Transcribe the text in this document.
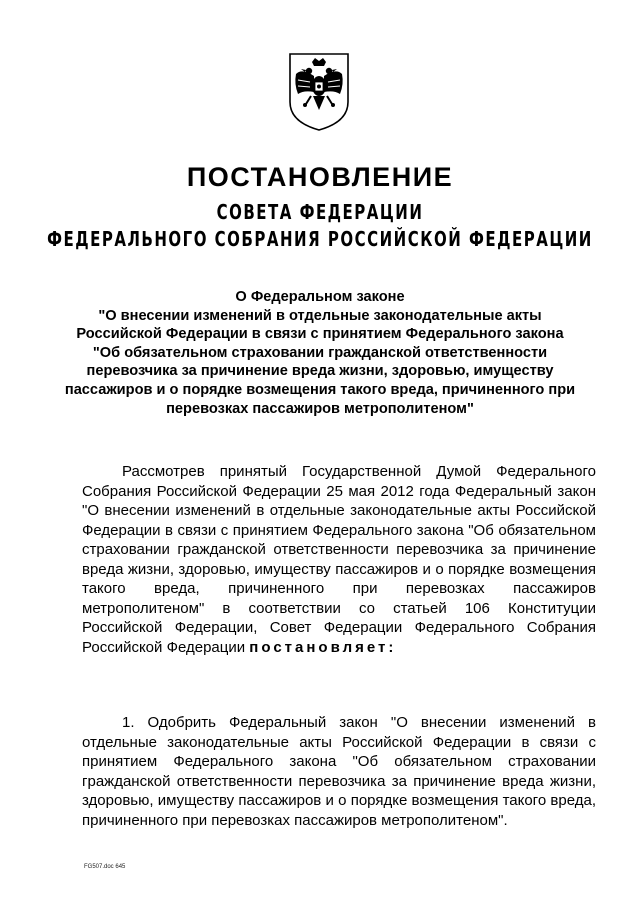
ПОСТАНОВЛЕНИЕ
СОВЕТА ФЕДЕРАЦИИ
ФЕДЕРАЛЬНОГО СОБРАНИЯ РОССИЙСКОЙ ФЕДЕРАЦИИ
О Федеральном законе
"О внесении изменений в отдельные законодательные акты
Российской Федерации в связи с принятием Федерального закона
"Об обязательном страховании гражданской ответственности
перевозчика за причинение вреда жизни, здоровью, имуществу
пассажиров и о порядке возмещения такого вреда, причиненного при
перевозках пассажиров метрополитеном"

Рассмотрев принятый Государственной Думой Федерального Собрания Российской Федерации 25 мая 2012 года Федеральный закон "О внесении изменений в отдельные законодательные акты Российской Федерации в связи с принятием Федерального закона "Об обязательном страховании гражданской ответственности перевозчика за причинение вреда жизни, здоровью, имуществу пассажиров и о порядке возмещения такого вреда, причиненного при перевозках пассажиров метрополитеном" в соответствии со статьей 106 Конституции Российской Федерации, Совет Федерации Федерального Собрания Российской Федерации постановляет:

1. Одобрить Федеральный закон "О внесении изменений в отдельные законодательные акты Российской Федерации в связи с принятием Федерального закона "Об обязательном страховании гражданской ответственности перевозчика за причинение вреда жизни, здоровью, имуществу пассажиров и о порядке возмещения такого вреда, причиненного при перевозках пассажиров метрополитеном".

FG507.doc 645
